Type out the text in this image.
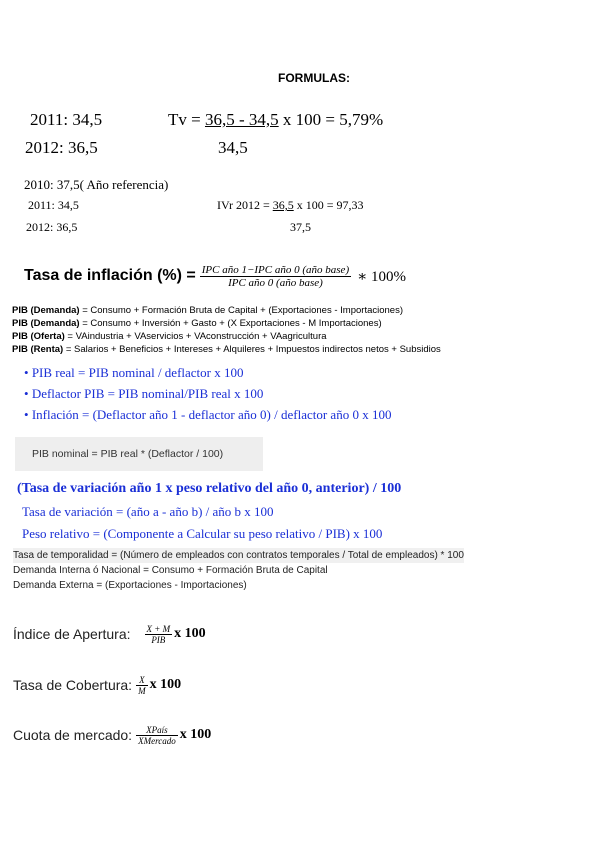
FORMULAS:
2011: 34,5
2012: 36,5
Tv = 36,5 - 34,5 x 100 = 5,79%
34,5
2010: 37,5( Año referencia)
2011: 34,5
2012: 36,5
IVr 2012 = 36,5 x 100 = 97,33
37,5
Tasa de inflación (%) = $\frac{\text{IPC año 1−IPC año 0 (año base)}}{\text{IPC año 0 (año base)}}$ ∗ 100%
PIB (Demanda) = Consumo + Formación Bruta de Capital + (Exportaciones - Importaciones)
PIB (Demanda) = Consumo + Inversión + Gasto + (X Exportaciones - M Importaciones)
PIB (Oferta) = VAindustria + VAservicios + VAconstrucción + VAagricultura
PIB (Renta) = Salarios + Beneficios + Intereses + Alquileres + Impuestos indirectos netos + Subsidios
• PIB real = PIB nominal / deflactor x 100
• Deflactor PIB = PIB nominal/PIB real x 100
• Inflación = (Deflactor año 1 - deflactor año 0) / deflactor año 0 x 100
PIB nominal = PIB real * (Deflactor / 100)
(Tasa de variación año 1 x peso relativo del año 0, anterior) / 100
Tasa de variación = (año a - año b) / año b x 100
Peso relativo = (Componente a Calcular su peso relativo / PIB) x 100
Tasa de temporalidad = (Número de empleados con contratos temporales / Total de empleados) * 100
Demanda Interna ó Nacional = Consumo + Formación Bruta de Capital
Demanda Externa = (Exportaciones - Importaciones)
Índice de Apertura: $\frac{X + M}{\text{PIB}}$ x 100
Tasa de Cobertura: $\frac{X}{M}$ x 100
Cuota de mercado: $\frac{\text{XPaís}}{\text{XMercado}}$ x 100
